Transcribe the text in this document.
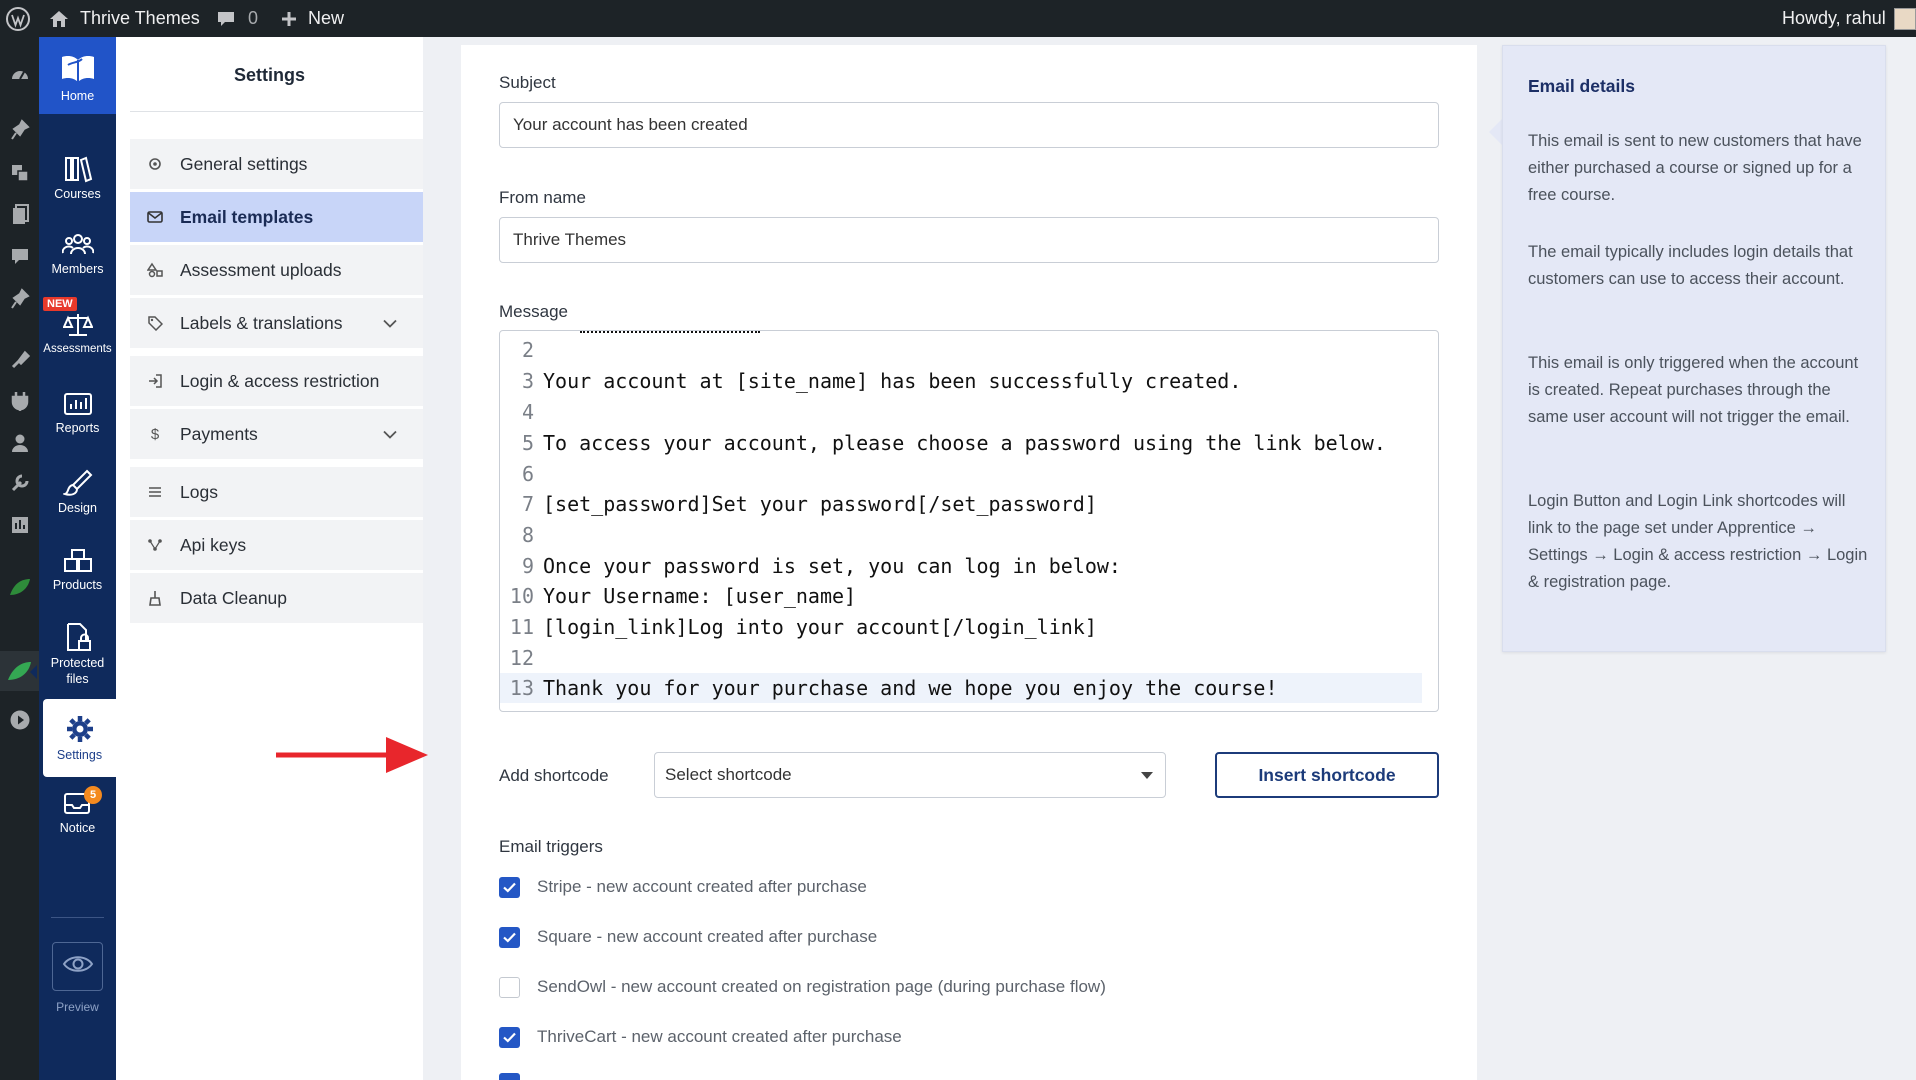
Thrive Themes	0	New	Howdy, rahul
Home
Courses
Members
NEW
Assessments
Reports
Design
Products
Protected
files
Settings
Notice
5
Preview
Settings
General settings
Email templates
Assessment uploads
Labels & translations
Login & access restriction
$ Payments
Logs
Api keys
Data Cleanup
Subject
Your account has been created
From name
Thrive Themes
Message
2
3 Your account at [site_name] has been successfully created.
4
5 To access your account, please choose a password using the link below.
6
7 [set_password]Set your password[/set_password]
8
9 Once your password is set, you can log in below:
10 Your Username: [user_name]
11 [login_link]Log into your account[/login_link]
12
13 Thank you for your purchase and we hope you enjoy the course!
Add shortcode	Select shortcode	Insert shortcode
Email triggers
Stripe - new account created after purchase
Square - new account created after purchase
SendOwl - new account created on registration page (during purchase flow)
ThriveCart - new account created after purchase
Email details

This email is sent to new customers that have either purchased a course or signed up for a free course.

The email typically includes login details that customers can use to access their account.

This email is only triggered when the account is created. Repeat purchases through the same user account will not trigger the email.

Login Button and Login Link shortcodes will link to the page set under Apprentice → Settings → Login & access restriction → Login & registration page.
